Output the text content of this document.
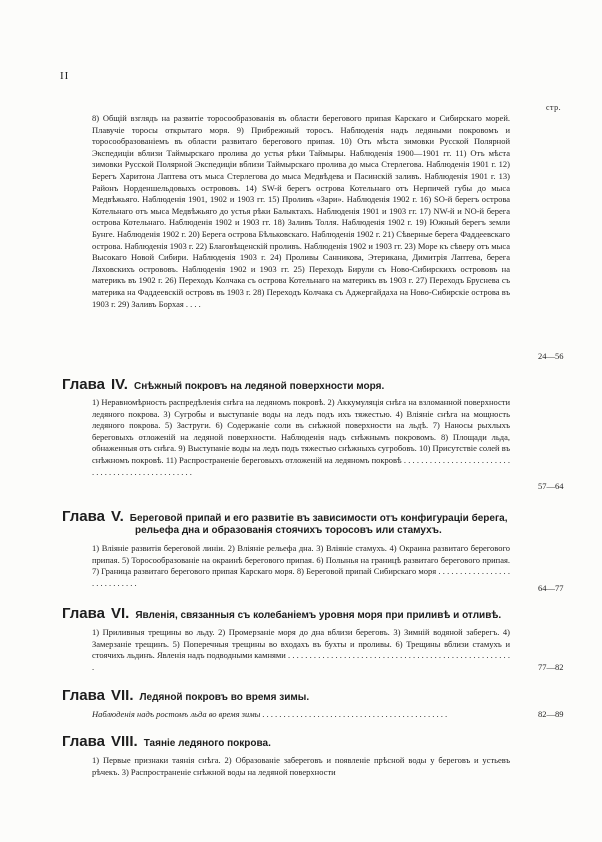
II
стр.
8) Общій взглядъ на развитіе торосообразованія въ области берегового припая Карскаго и Сибирскаго морей. Плавучіе торосы открытаго моря. 9) Прибрежный торосъ. Наблюденія надъ ледяными покровомъ и торосообразованіемъ въ области развитаго берегового припая. 10) Отъ мѣста зимовки Русской Полярной Экспедиціи вблизи Таймырскаго пролива до устья рѣки Таймыры. Наблюденія 1900—1901 гг. 11) Отъ мѣста зимовки Русской Полярной Экспедиціи вблизи Таймырскаго пролива до мыса Стерлегова. Наблюденія 1901 г. 12) Берегъ Харитона Лаптева отъ мыса Стерлегова до мыса Медвѣдева и Пасинскій заливъ. Наблюденія 1901 г. 13) Районъ Норденшельдовыхъ острововъ. 14) SW-й берегъ острова Котельнаго отъ Нерпичей губы до мыса Медвѣжьяго. Наблюденія 1901, 1902 и 1903 гг. 15) Проливъ «Зари». Наблюденія 1902 г. 16) SO-й берегъ острова Котельнаго отъ мыса Медвѣжьяго до устья рѣки Балыктахъ. Наблюденія 1901 и 1903 гг. 17) NW-й и NO-й берега острова Котельнаго. Наблюденія 1902 и 1903 гг. 18) Заливъ Толля. Наблюденія 1902 г. 19) Южный берегъ земли Бунге. Наблюденія 1902 г. 20) Берега острова Бѣльковскаго. Наблюденія 1902 г. 21) Сѣверные берега Фаддеевскаго острова. Наблюденія 1903 г. 22) Благовѣщенскій проливъ. Наблюденія 1902 и 1903 гг. 23) Море къ сѣверу отъ мыса Высокаго Новой Сибири. Наблюденія 1903 г. 24) Проливы Санникова, Этерикана, Димитрія Лаптева, берега Ляховскихъ острововъ. Наблюденія 1902 и 1903 гг. 25) Переходъ Бирули съ Ново-Сибирскихъ острововъ на материкъ въ 1902 г. 26) Переходъ Колчака съ острова Котельнаго на материкъ въ 1903 г. 27) Переходъ Бруснева съ материка на Фаддеевскій островъ въ 1903 г. 28) Переходъ Колчака съ Аджергайдаха на Ново-Сибирскіе острова въ 1903 г. 29) Заливъ Борхая . . . .
24—56
Глава IV. Снѣжный покровъ на ледяной поверхности моря.
1) Неравномѣрность распредѣленія снѣга на ледяномъ покровѣ. 2) Аккумуляція снѣга на взломанной поверхности ледяного покрова. 3) Сугробы и выступаніе воды на ледъ подъ ихъ тяжестью. 4) Вліяніе снѣга на мощность ледяного покрова. 5) Заструги. 6) Содержаніе соли въ снѣжной поверхности на льдѣ. 7) Наносы рыхлыхъ береговыхъ отложеній на ледяной поверхности. Наблюденія надъ снѣжнымъ покровомъ. 8) Площади льда, обнаженныя отъ снѣга. 9) Выступаніе воды на ледъ подъ тяжестью снѣжныхъ сугробовъ. 10) Присутствіе солей въ снѣжномъ покровѣ. 11) Распространеніе береговыхъ отложеній на ледяномъ покровѣ . . . . . . . . . . . . . . . . . . . . . . . . . . . . . . . . . . . . . . . . . . . . . . . . .
57—64
Глава V. Береговой припай и его развитіе въ зависимости отъ конфигураціи берега,
рельефа дна и образованія стоячихъ торосовъ или стамухъ.
1) Вліяніе развитія береговой линіи. 2) Вліяніе рельефа дна. 3) Вліяніе стамухъ. 4) Окраина развитаго берегового припая. 5) Торосообразованіе на окраинѣ берегового припая. 6) Полынья на границѣ развитаго берегового припая. 7) Граница развитаго берегового припая Карскаго моря. 8) Береговой припай Сибирскаго моря . . . . . . . . . . . . . . . . . . . . . . . . . . . .
64—77
Глава VI. Явленія, связанныя съ колебаніемъ уровня моря при приливѣ и отливѣ.
1) Приливныя трещины во льду. 2) Промерзаніе моря до дна вблизи береговъ. 3) Зимній водяной заберегъ. 4) Замерзаніе трещинъ. 5) Поперечныя трещины во входахъ въ бухты и проливы. 6) Трещины вблизи стамухъ и стоячихъ льдинъ. Явленія надъ подводными камнями . . . . . . . . . . . . . . . . . . . . . . . . . . . . . . . . . . . . . . . . . . . . . . . . . . . . .	77—82
Глава VII. Ледяной покровъ во время зимы.
Наблюденія надъ ростомъ льда во время зимы . . . . . . . . . . . . . . . . . . . . . . . . . . . . . . . . . . . . . . . . . . . .	82—89
Глава VIII. Таяніе ледяного покрова.
1) Первые признаки таянія снѣга. 2) Образованіе забереговъ и появленіе прѣсной воды у береговъ и устьевъ рѣчекъ. 3) Распространеніе снѣжной воды на ледяной поверхности
